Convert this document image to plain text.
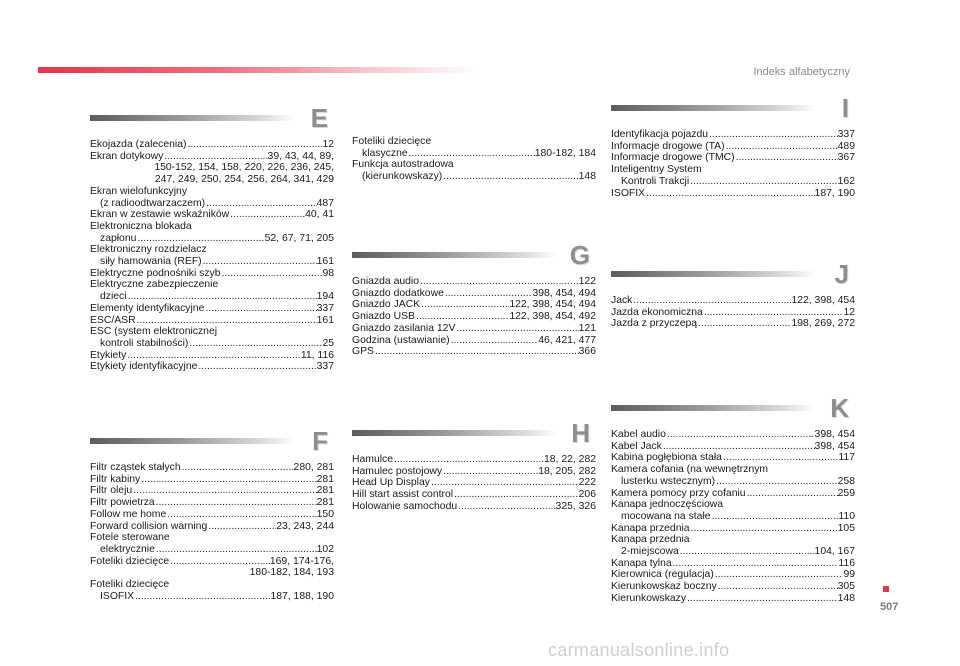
Indeks alfabetyczny
E
Ekojazda (zalecenia) .....	12
Ekran dotykowy .....	39, 43, 44, 89,
150-152, 154, 158, 220, 226, 236, 245,
247, 249, 250, 254, 256, 264, 341, 429
Ekran wielofunkcyjny
(z radioodtwarzaczem) .....	487
Ekran w zestawie wskaźników .....	40, 41
Elektroniczna blokada
zapłonu .....	52, 67, 71, 205
Elektroniczny rozdzielacz
siły hamowania (REF) .....	161
Elektryczne podnośniki szyb .....	98
Elektryczne zabezpieczenie
dzieci .....	194
Elementy identyfikacyjne .....	337
ESC/ASR .....	161
ESC (system elektronicznej
kontroli stabilności) .....	25
Etykiety .....	11, 116
Etykiety identyfikacyjne .....	337
F
Filtr cząstek stałych .....	280, 281
Filtr kabiny .....	281
Filtr oleju .....	281
Filtr powietrza .....	281
Follow me home .....	150
Forward collision warning .....	23, 243, 244
Fotele sterowane
elektrycznie .....	102
Foteliki dziecięce .....	169, 174-176,
180-182, 184, 193
Foteliki dziecięce
ISOFIX .....	187, 188, 190
Foteliki dziecięce
klasyczne .....	180-182, 184
Funkcja autostradowa
(kierunkowskazy) .....	148
G
Gniazda audio .....	122
Gniazdo dodatkowe .....	398, 454, 494
Gniazdo JACK .....	122, 398, 454, 494
Gniazdo USB .....	122, 398, 454, 492
Gniazdo zasilania 12V .....	121
Godzina (ustawianie) .....	46, 421, 477
GPS .....	366
H
Hamulce .....	18, 22, 282
Hamulec postojowy .....	18, 205, 282
Head Up Display .....	222
Hill start assist control .....	206
Holowanie samochodu .....	325, 326
I
Identyfikacja pojazdu .....	337
Informacje drogowe (TA) .....	489
Informacje drogowe (TMC) .....	367
Inteligentny System
Kontroli Trakcji .....	162
ISOFIX .....	187, 190
J
Jack .....	122, 398, 454
Jazda ekonomiczna .....	12
Jazda z przyczepą .....	198, 269, 272
K
Kabel audio .....	398, 454
Kabel Jack .....	398, 454
Kabina pogłębiona stała .....	117
Kamera cofania (na wewnętrznym
lusterku wstecznym) .....	258
Kamera pomocy przy cofaniu .....	259
Kanapa jednoczęściowa
mocowana na stałe .....	110
Kanapa przednia .....	105
Kanapa przednia
2-miejscowa .....	104, 167
Kanapa tylna .....	116
Kierownica (regulacja) .....	99
Kierunkowskaz boczny .....	305
Kierunkowskazy .....	148
507
carmanualsonline.info
